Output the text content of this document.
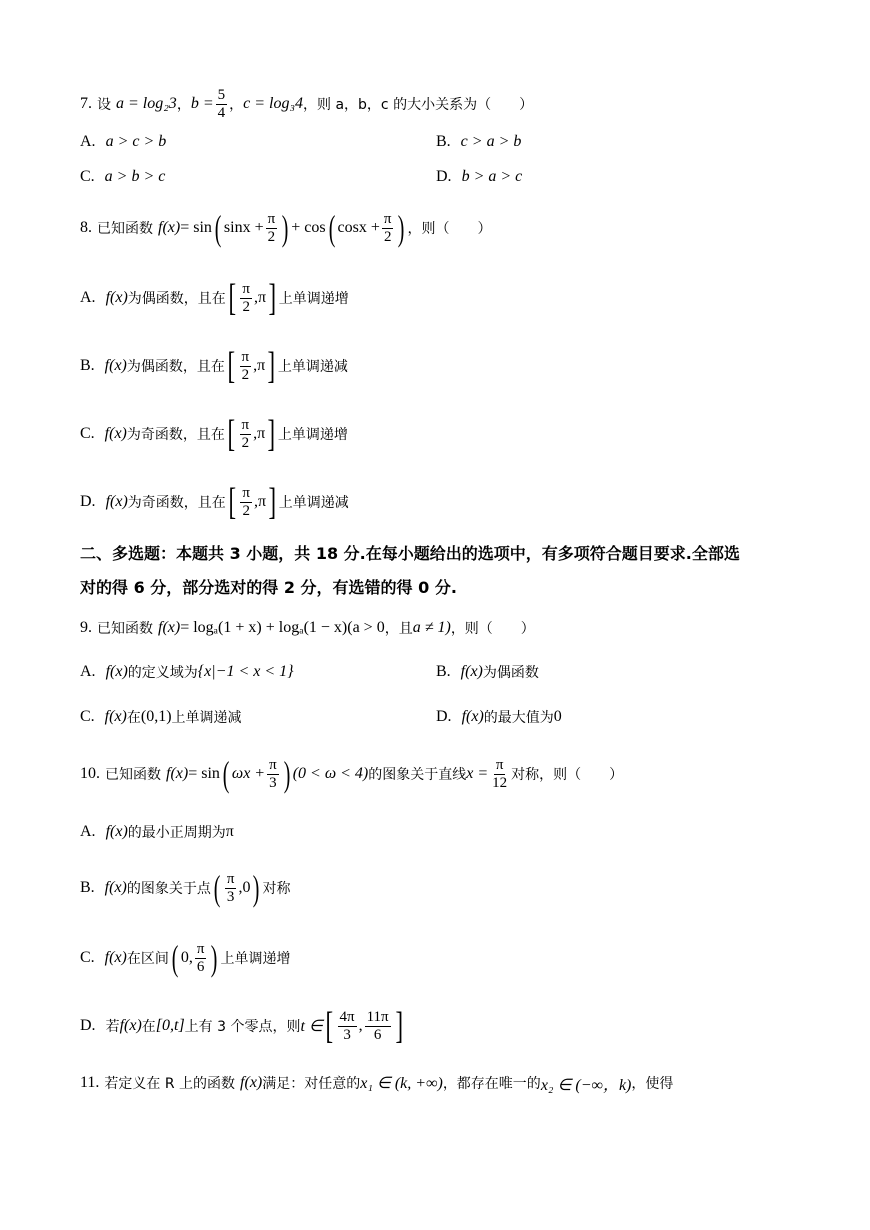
7. 设 a = log₂3 ， $b = \frac{5}{4}$ ， c = log₃4 ，则 a，b，c 的大小关系为（　　）
A. a > c > b	B. c > a > b
C. a > b > c	D. b > a > c
8. 已知函数 f(x) = sin ( $\sin x + \frac{\pi}{2}$ ) + cos ( $\cos x + \frac{\pi}{2}$ ) ，则（　　）
A. f(x) 为偶函数，且在 [ $\frac{\pi}{2} ,\pi$ ] 上单调递增
B. f(x) 为偶函数，且在 [ $\frac{\pi}{2} ,\pi$ ] 上单调递减
C. f(x) 为奇函数，且在 [ $\frac{\pi}{2} ,\pi$ ] 上单调递增
D. f(x) 为奇函数，且在 [ $\frac{\pi}{2} ,\pi$ ] 上单调递减
二、多选题：本题共 3 小题，共 18 分.在每小题给出的选项中，有多项符合题目要求.全部选
对的得 6 分，部分选对的得 2 分，有选错的得 0 分.
9. 已知函数 f(x) = logₐ(1 + x) + logₐ(1 − x)(a > 0 ，且 a ≠ 1) ，则（　　）
A. f(x) 的定义域为 {x|−1 < x < 1}	B. f(x) 为偶函数
C. f(x) 在 (0,1) 上单调递减	D. f(x) 的最大值为 0
10. 已知函数 f(x) = sin ( $\omega x + \frac{\pi}{3}$ ) (0 < ω < 4) 的图象关于直线 $x = \frac{\pi}{12}$ 对称，则（　　）
A. f(x) 的最小正周期为 π
B. f(x) 的图象关于点 ( $\frac{\pi}{3} ,0$ ) 对称
C. f(x) 在区间 ( 0, $\frac{\pi}{6}$ ) 上单调递增
D. 若 f(x) 在 [0,t] 上有 3 个零点，则 t ∈ [ $\frac{4\pi}{3}$ , $\frac{11\pi}{6}$ ]
11. 若定义在 R 上的函数 f(x) 满足：对任意的 x₁ ∈ (k, +∞) ，都存在唯一的 x₂ ∈ (−∞，k) ，使得
